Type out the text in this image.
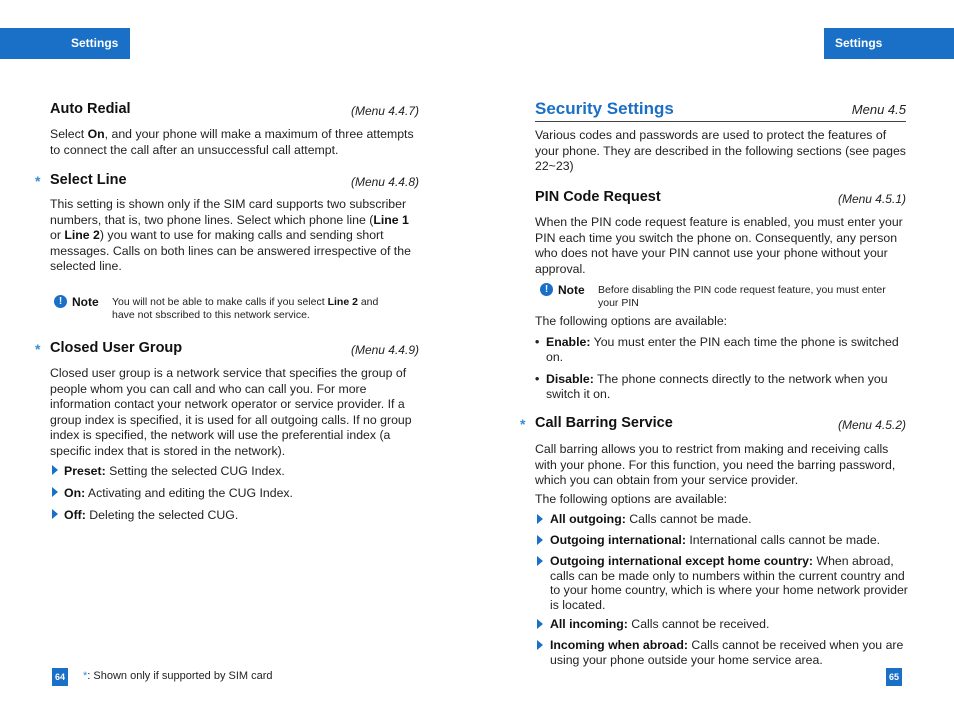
Settings	Settings
Auto Redial	(Menu 4.4.7)

Select On, and your phone will make a maximum of three attempts to connect the call after an unsuccessful call attempt.

* Select Line	(Menu 4.4.8)

This setting is shown only if the SIM card supports two subscriber numbers, that is, two phone lines. Select which phone line (Line 1 or Line 2) you want to use for making calls and sending short messages. Calls on both lines can be answered irrespective of the selected line.

! Note You will not be able to make calls if you select Line 2 and have not sbscribed to this network service.

* Closed User Group	(Menu 4.4.9)

Closed user group is a network service that specifies the group of people whom you can call and who can call you. For more information contact your network operator or service provider. If a group index is specified, it is used for all outgoing calls. If no group index is specified, the network will use the preferential index (a specific index that is stored in the network).

Preset: Setting the selected CUG Index.

On: Activating and editing the CUG Index.

Off: Deleting the selected CUG.

64 *: Shown only if supported by SIM card
Security Settings	Menu 4.5

Various codes and passwords are used to protect the features of your phone. They are described in the following sections (see pages 22~23)

PIN Code Request	(Menu 4.5.1)

When the PIN code request feature is enabled, you must enter your PIN each time you switch the phone on. Consequently, any person who does not have your PIN cannot use your phone without your approval.

! Note Before disabling the PIN code request feature, you must enter your PIN

The following options are available:

• Enable: You must enter the PIN each time the phone is switched on.

• Disable: The phone connects directly to the network when you switch it on.

* Call Barring Service	(Menu 4.5.2)

Call barring allows you to restrict from making and receiving calls with your phone. For this function, you need the barring password, which you can obtain from your service provider.

The following options are available:

All outgoing: Calls cannot be made.

Outgoing international: International calls cannot be made.

Outgoing international except home country: When abroad, calls can be made only to numbers within the current country and to your home country, which is where your home network provider is located.

All incoming: Calls cannot be received.

Incoming when abroad: Calls cannot be received when you are using your phone outside your home service area.

65
